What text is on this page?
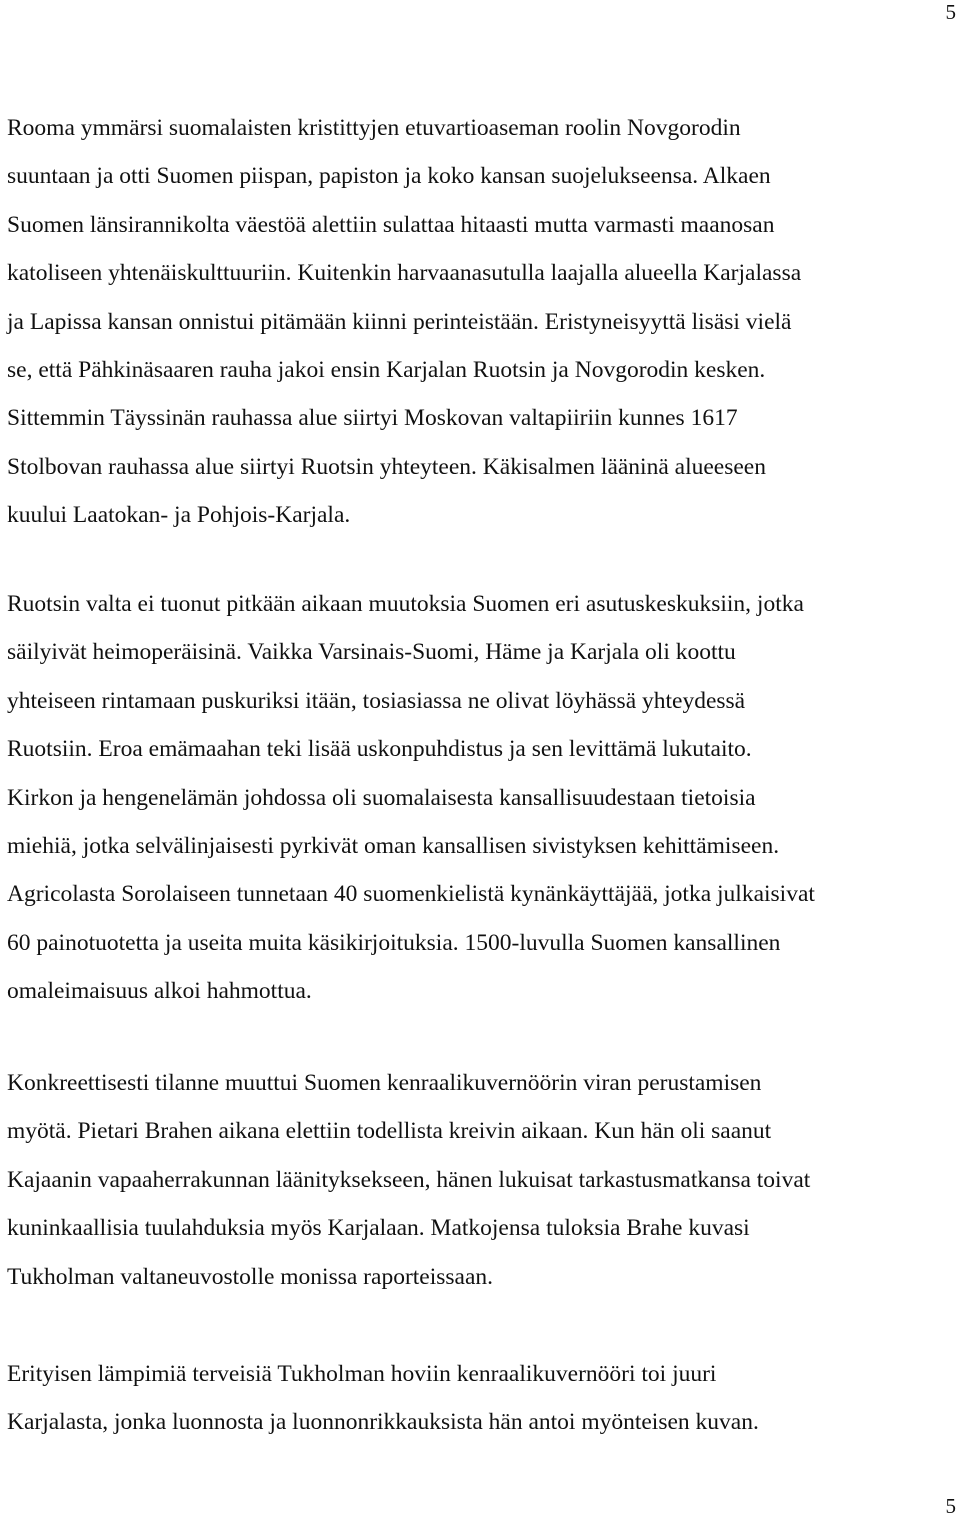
5
Rooma ymmärsi suomalaisten kristittyjen etuvartioaseman roolin Novgorodin
suuntaan ja otti Suomen piispan, papiston ja koko kansan suojelukseensa. Alkaen
Suomen länsirannikolta väestöä alettiin sulattaa hitaasti mutta varmasti maanosan
katoliseen yhtenäiskulttuuriin. Kuitenkin harvaanasutulla laajalla alueella Karjalassa
ja Lapissa kansan onnistui pitämään kiinni perinteistään. Eristyneisyyttä lisäsi vielä
se, että Pähkinäsaaren rauha jakoi ensin Karjalan Ruotsin ja Novgorodin kesken.
Sittemmin Täyssinän rauhassa alue siirtyi Moskovan valtapiiriin kunnes 1617
Stolbovan rauhassa alue siirtyi Ruotsin yhteyteen. Käkisalmen lääninä alueeseen
kuului Laatokan- ja Pohjois-Karjala.
Ruotsin valta ei tuonut pitkään aikaan muutoksia Suomen eri asutuskeskuksiin, jotka
säilyivät heimoperäisinä. Vaikka Varsinais-Suomi, Häme ja Karjala oli koottu
yhteiseen rintamaan puskuriksi itään, tosiasiassa ne olivat löyhässä yhteydessä
Ruotsiin. Eroa emämaahan teki lisää uskonpuhdistus ja sen levittämä lukutaito.
Kirkon ja hengenelämän johdossa oli suomalaisesta kansallisuudestaan tietoisia
miehiä, jotka selvälinjaisesti pyrkivät oman kansallisen sivistyksen kehittämiseen.
Agricolasta Sorolaiseen tunnetaan 40 suomenkielistä kynänkäyttäjää, jotka julkaisivat
60 painotuotetta ja useita muita käsikirjoituksia. 1500-luvulla Suomen kansallinen
omaleimaisuus alkoi hahmottua.
Konkreettisesti tilanne muuttui Suomen kenraalikuvernöörin viran perustamisen
myötä. Pietari Brahen aikana elettiin todellista kreivin aikaan. Kun hän oli saanut
Kajaanin vapaaherrakunnan läänityksekseen, hänen lukuisat tarkastusmatkansa toivat
kuninkaallisia tuulahduksia myös Karjalaan. Matkojensa tuloksia Brahe kuvasi
Tukholman valtaneuvostolle monissa raporteissaan.
Erityisen lämpimiä terveisiä Tukholman hoviin kenraalikuvernööri toi juuri
Karjalasta, jonka luonnosta ja luonnonrikkauksista hän antoi myönteisen kuvan.
5
